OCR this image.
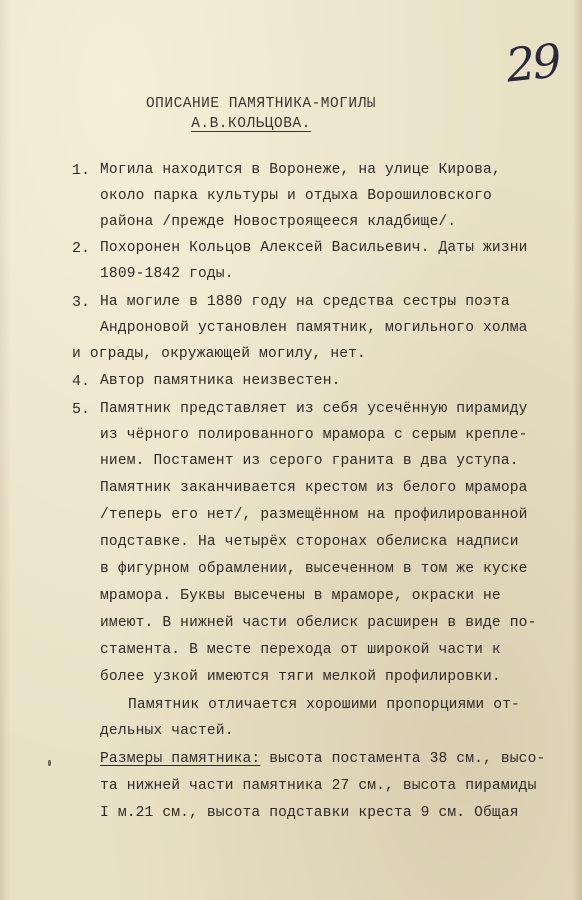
29
ОПИСАНИЕ ПАМЯТНИКА-МОГИЛЫ
А.В.КОЛЬЦОВА.
1. Могила находится в Воронеже, на улице Кирова,
около парка культуры и отдыха Ворошиловского
района /прежде Новостроящееся кладбище/.
2. Похоронен Кольцов Алексей Васильевич. Даты жизни
1809-1842 годы.
3. На могиле в 1880 году на средства сестры поэта
Андроновой установлен памятник, могильного холма
и ограды, окружающей могилу, нет.
4. Автор памятника неизвестен.
5. Памятник представляет из себя усечённую пирамиду
из чёрного полированного мрамора с серым крепле-
нием. Постамент из серого гранита в два уступа.
Памятник заканчивается крестом из белого мрамора
/теперь его нет/, размещённом на профилированной
подставке. На четырёх сторонах обелиска надписи
в фигурном обрамлении, высеченном в том же куске
мрамора. Буквы высечены в мраморе, окраски не
имеют. В нижней части обелиск расширен в виде по-
стамента. В месте перехода от широкой части к
более узкой имеются тяги мелкой профилировки.
Памятник отличается хорошими пропорциями от-
дельных частей.
Размеры памятника: высота постамента 38 см., высо-
та нижней части памятника 27 см., высота пирамиды
I м.21 см., высота подставки креста 9 см. Общая
